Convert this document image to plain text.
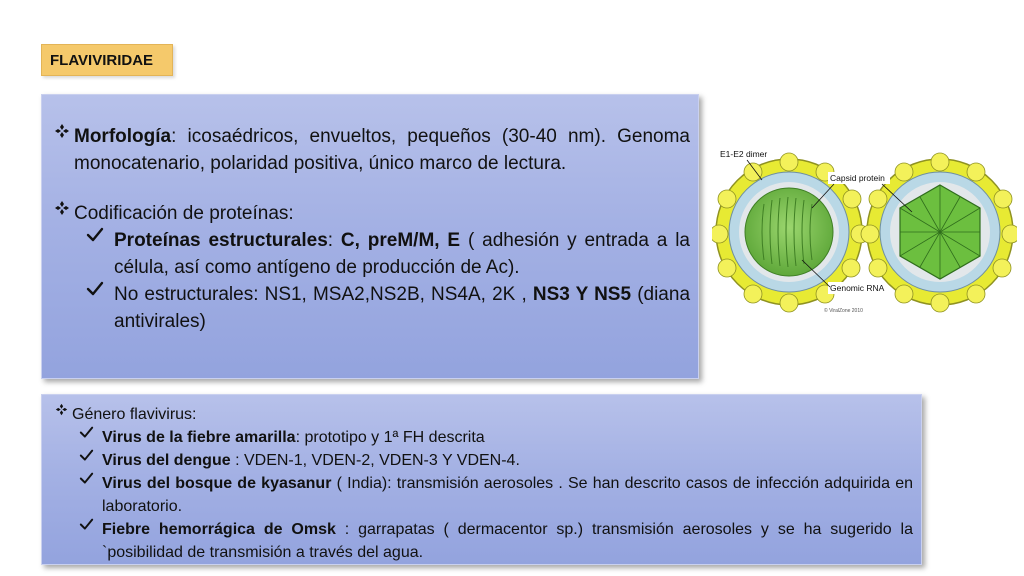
FLAVIVIRIDAE
Morfología: icosaédricos, envueltos, pequeños (30-40 nm). Genoma monocatenario, polaridad positiva, único marco de lectura.
Codificación de proteínas:
Proteínas estructurales: C, preM/M, E ( adhesión y entrada a la célula, así como antígeno de producción de Ac).
No estructurales: NS1, MSA2,NS2B, NS4A, 2K , NS3 Y NS5 (diana antivirales)
E1-E2 dimer
Capsid protein
Genomic RNA
© ViralZone 2010
Género flavivirus:
Virus de la fiebre amarilla: prototipo y 1ª FH descrita
Virus del dengue : VDEN-1, VDEN-2, VDEN-3 Y VDEN-4.
Virus del bosque de kyasanur ( India): transmisión aerosoles . Se han descrito casos de infección adquirida en laboratorio.
Fiebre hemorrágica de Omsk : garrapatas ( dermacentor sp.) transmisión aerosoles y se ha sugerido la `posibilidad de transmisión a través del agua.
